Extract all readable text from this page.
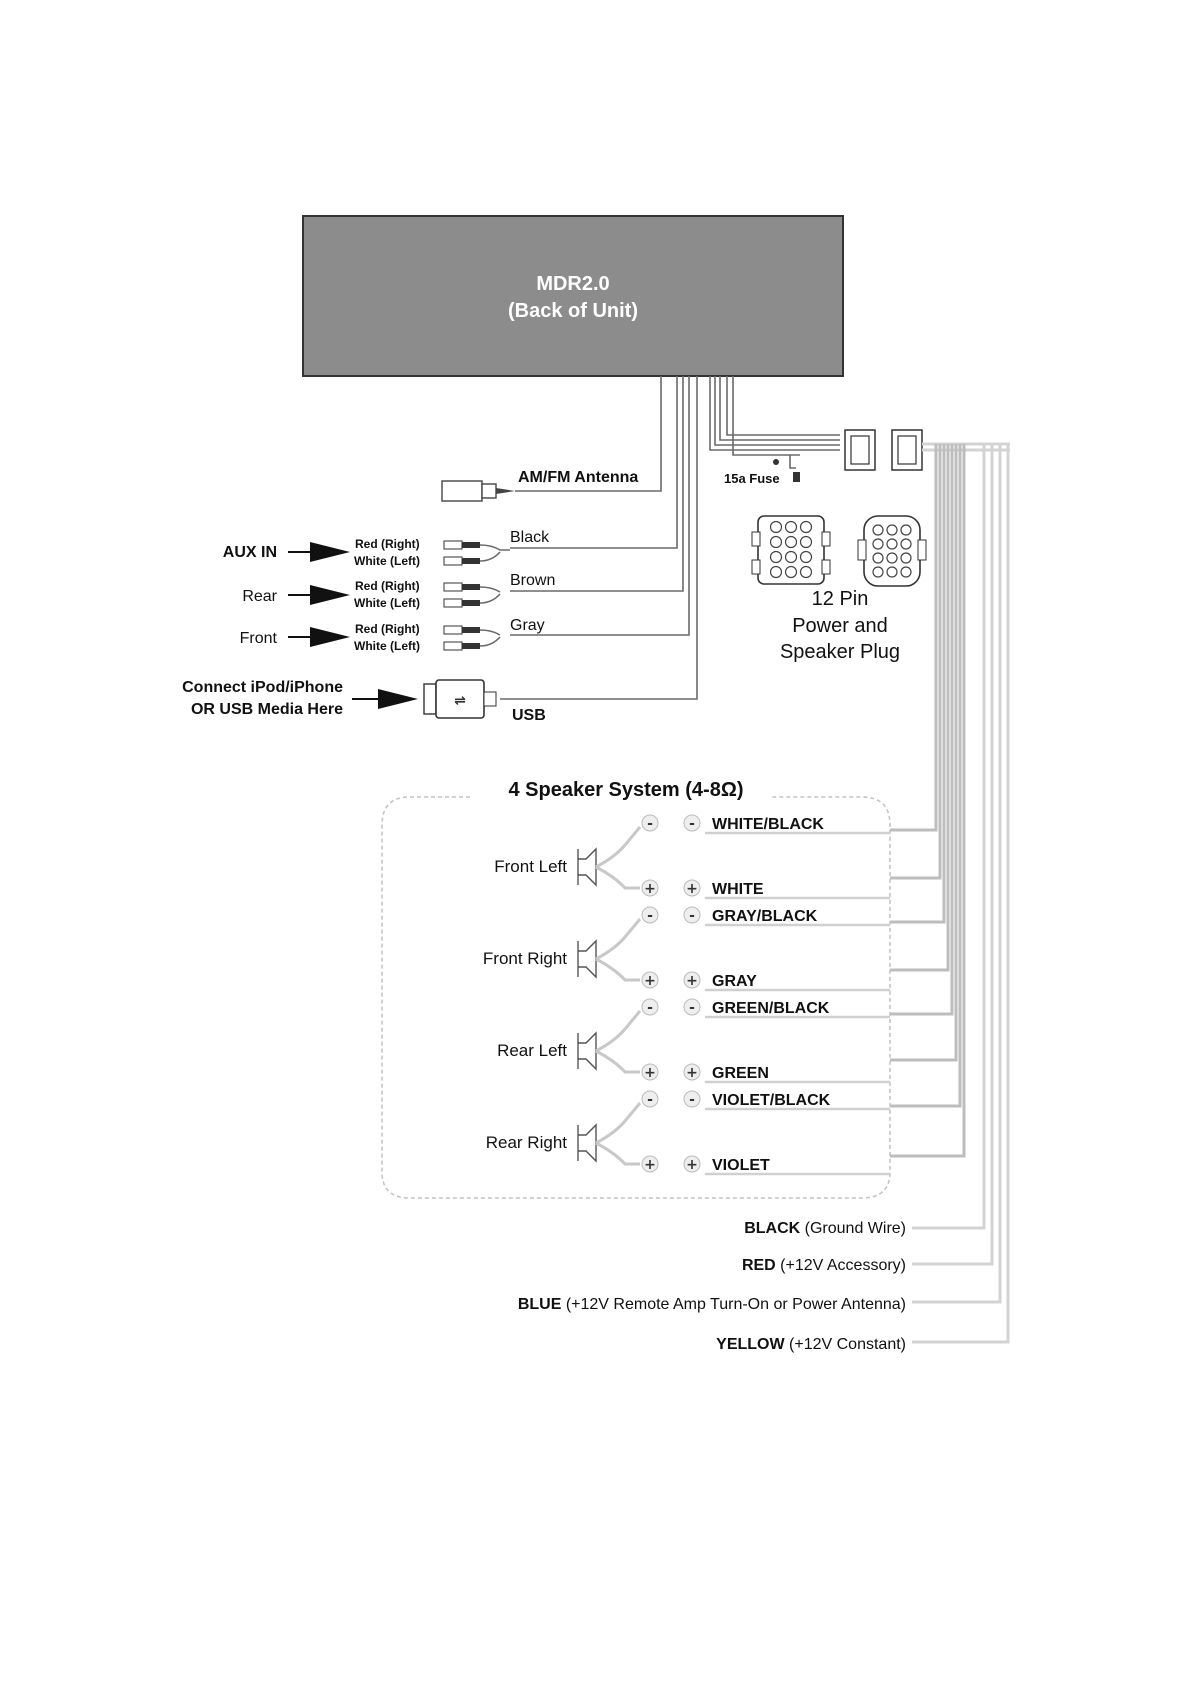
MDR2.0
(Back of Unit)
AM/FM Antenna	15a Fuse
12 Pin
Power and
Speaker Plug
AUX IN	Red (Right)
White (Left)
Black
Rear
Red (Right)
White (Left)
Brown
Front
Red (Right)
White (Left)
Gray
Connect iPod/iPhone
OR USB Media Here	⇌
USB
4 Speaker System (4-8Ω)
Front Left
-	-
+ +
WHITE/BLACK
WHITE
Front Right
-	-
+ +
GRAY/BLACK
GRAY
Rear Left
-	-
+ +
GREEN/BLACK
GREEN
Rear Right
-	-
+ +
VIOLET/BLACK
VIOLET
BLACK (Ground Wire)
RED (+12V Accessory)
BLUE (+12V Remote Amp Turn-On or Power Antenna)
YELLOW (+12V Constant)
